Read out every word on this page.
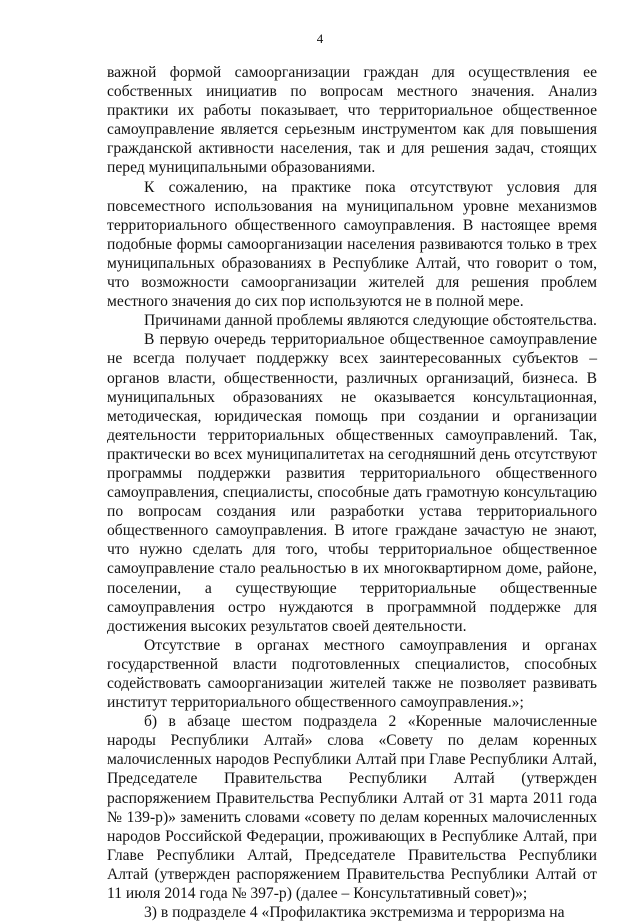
4

важной формой самоорганизации граждан для осуществления ее собственных инициатив по вопросам местного значения. Анализ практики их работы показывает, что территориальное общественное самоуправление является серьезным инструментом как для повышения гражданской активности населения, так и для решения задач, стоящих перед муниципальными образованиями.

К сожалению, на практике пока отсутствуют условия для повсеместного использования на муниципальном уровне механизмов территориального общественного самоуправления. В настоящее время подобные формы самоорганизации населения развиваются только в трех муниципальных образованиях в Республике Алтай, что говорит о том, что возможности самоорганизации жителей для решения проблем местного значения до сих пор используются не в полной мере.

Причинами данной проблемы являются следующие обстоятельства.

В первую очередь территориальное общественное самоуправление не всегда получает поддержку всех заинтересованных субъектов – органов власти, общественности, различных организаций, бизнеса. В муниципальных образованиях не оказывается консультационная, методическая, юридическая помощь при создании и организации деятельности территориальных общественных самоуправлений. Так, практически во всех муниципалитетах на сегодняшний день отсутствуют программы поддержки развития территориального общественного самоуправления, специалисты, способные дать грамотную консультацию по вопросам создания или разработки устава территориального общественного самоуправления. В итоге граждане зачастую не знают, что нужно сделать для того, чтобы территориальное общественное самоуправление стало реальностью в их многоквартирном доме, районе, поселении, а существующие территориальные общественные самоуправления остро нуждаются в программной поддержке для достижения высоких результатов своей деятельности.

Отсутствие в органах местного самоуправления и органах государственной власти подготовленных специалистов, способных содействовать самоорганизации жителей также не позволяет развивать институт территориального общественного самоуправления.»;

б) в абзаце шестом подраздела 2 «Коренные малочисленные народы Республики Алтай» слова «Совету по делам коренных малочисленных народов Республики Алтай при Главе Республики Алтай, Председателе Правительства Республики Алтай (утвержден распоряжением Правительства Республики Алтай от 31 марта 2011 года № 139-р)» заменить словами «совету по делам коренных малочисленных народов Российской Федерации, проживающих в Республике Алтай, при Главе Республики Алтай, Председателе Правительства Республики Алтай (утвержден распоряжением Правительства Республики Алтай от 11 июля 2014 года № 397-р) (далее – Консультативный совет)»;

3) в подразделе 4 «Профилактика экстремизма и терроризма на
